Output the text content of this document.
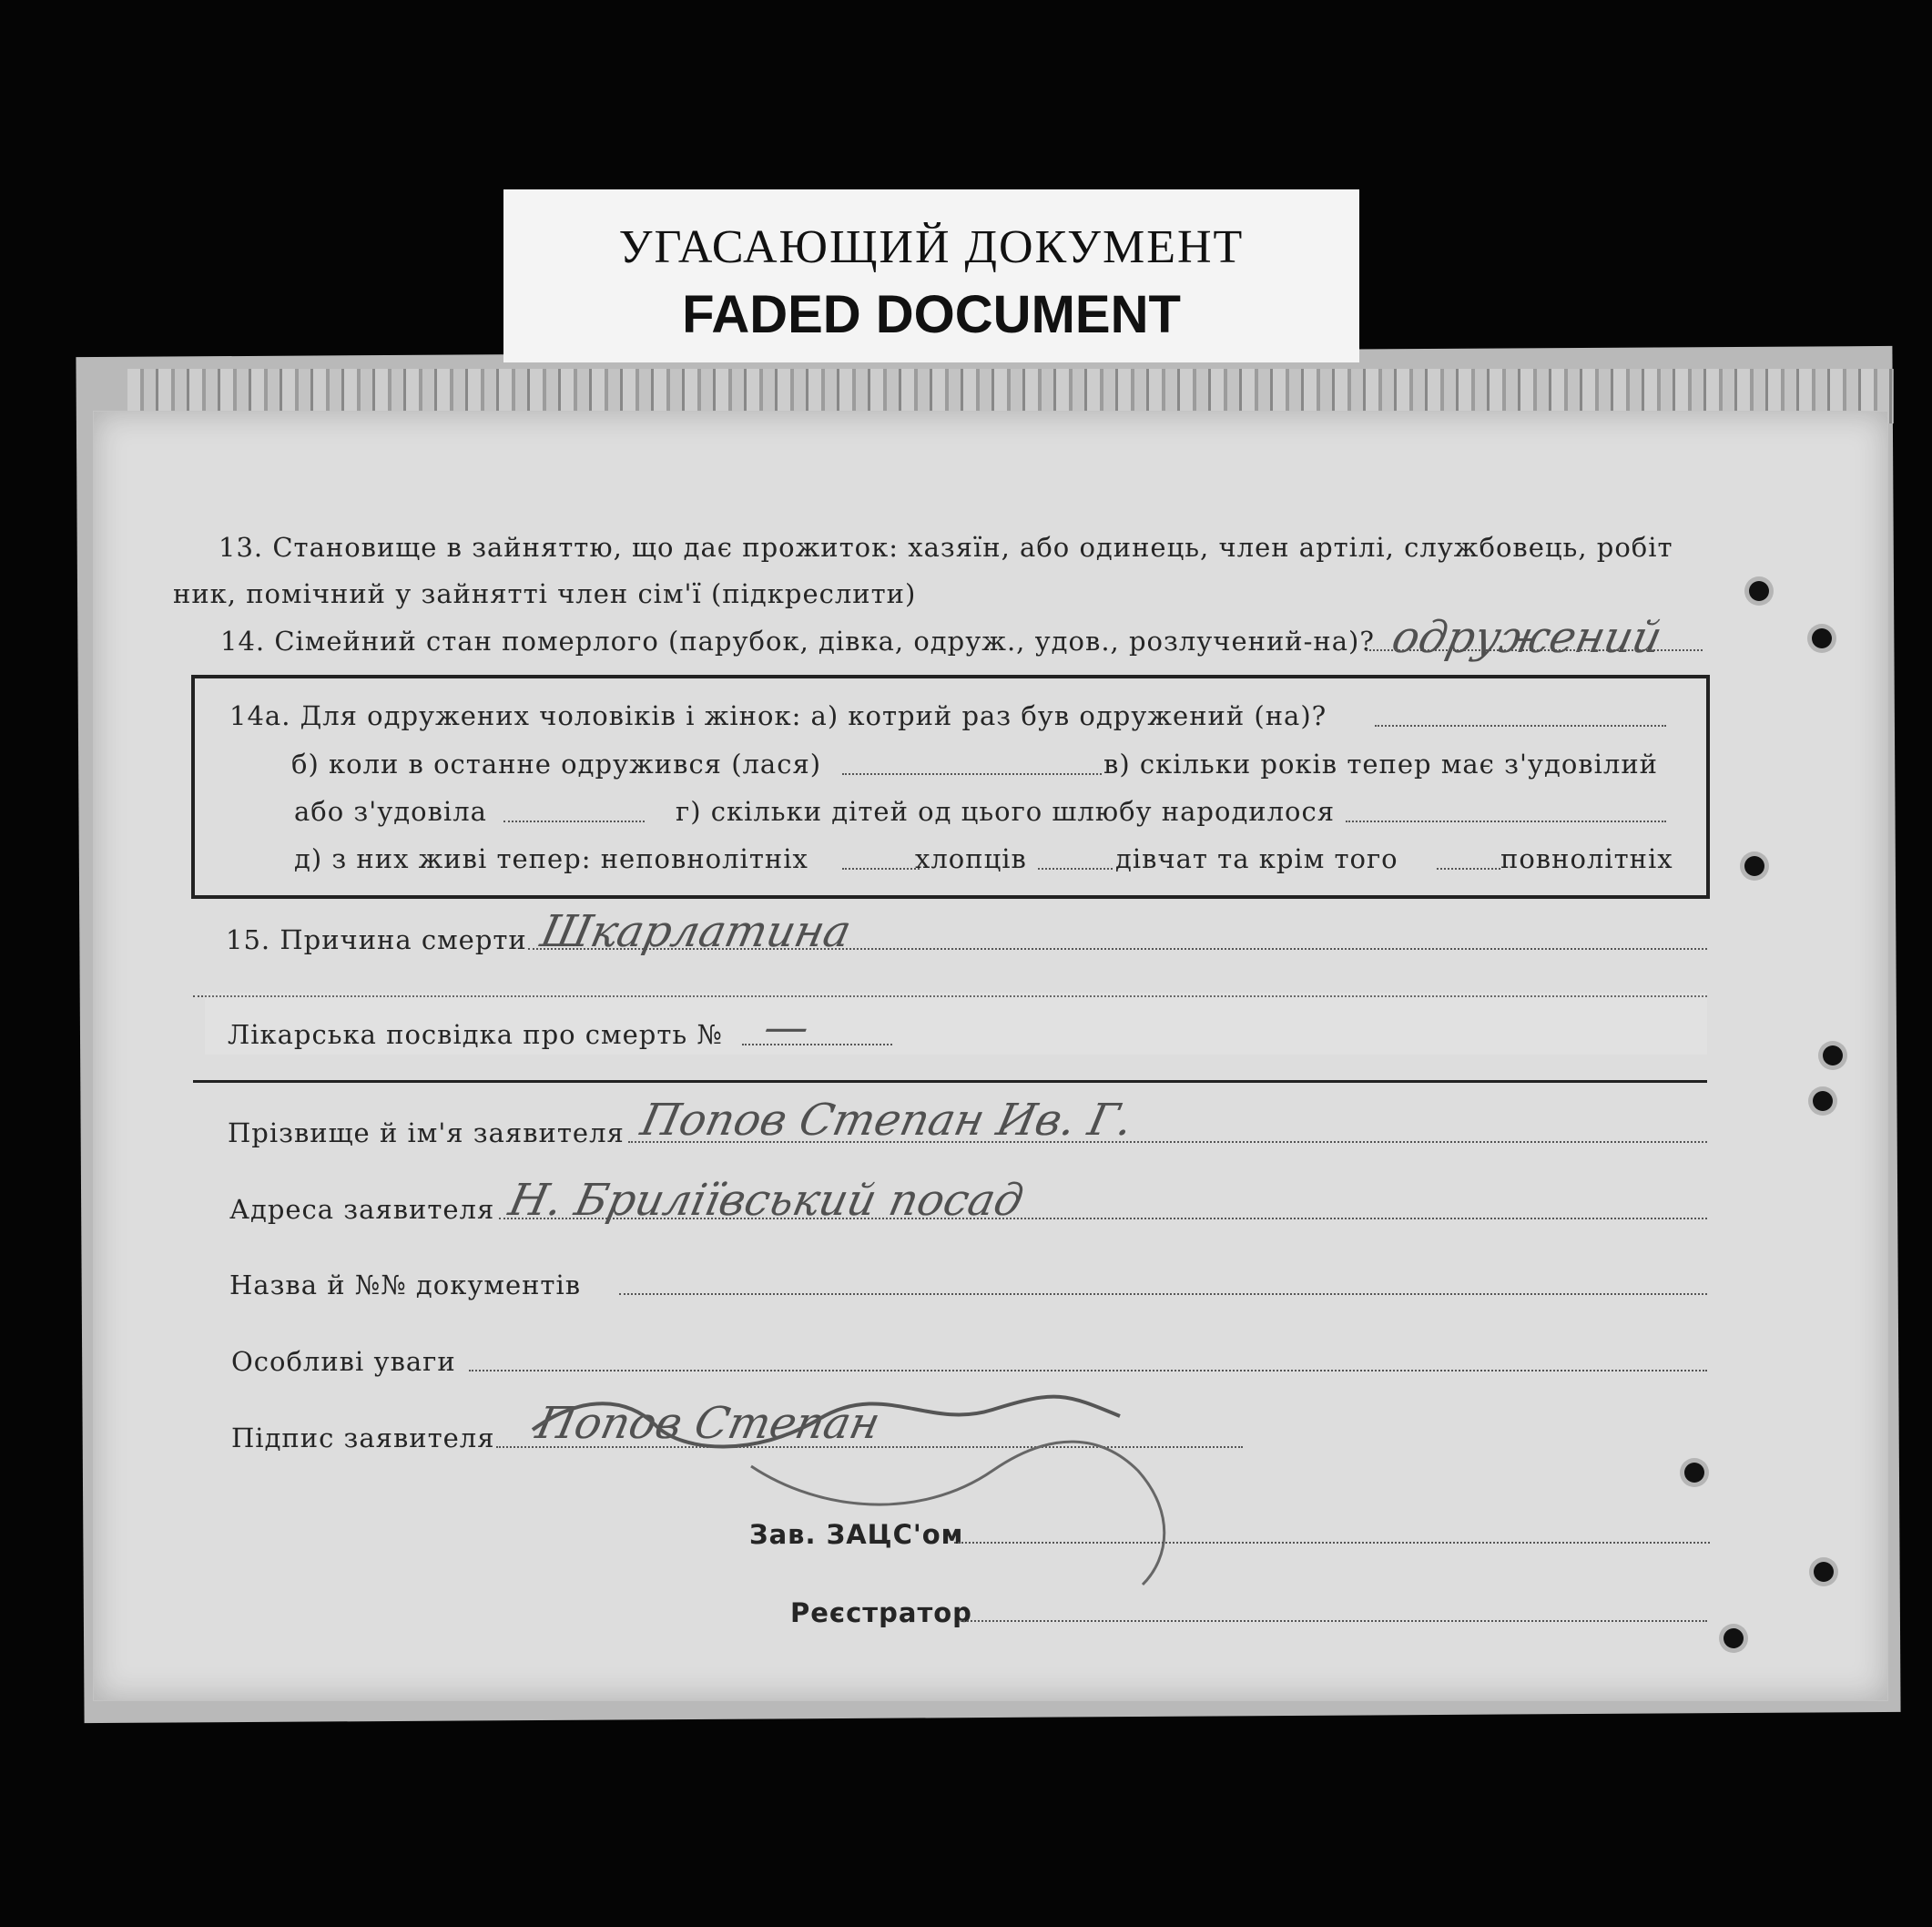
УГАСАЮЩИЙ ДОКУМЕНТ
FADED DOCUMENT
13. Становище в зайняттю, що дає прожиток: хазяїн, або одинець, член артілі, службовець, робіт
ник, помічний у зайнятті член сім'ї (підкреслити)
14. Сімейний стан померлого (парубок, дівка, одруж., удов., розлучений-на)? одружений
14а. Для одружених чоловіків і жінок: а) котрий раз був одружений (на)?
б) коли в останне одружився (лася)	в) скільки років тепер має з'удовілий
або з'удовіла	г) скільки дітей од цього шлюбу народилося
д) з них живі тепер: неповнолітніх	хлопців	дівчат та крім того	повнолітніх
15. Причина смерти Шкарлатина
Лікарська посвідка про смерть № —
Прізвище й ім'я заявителя Попов Степан Ив. Г.
Адреса заявителя Н. Бриліївський посад
Назва й №№ документів
Особливі уваги
Підпис заявителя Попов Степан
Зав. ЗАЦС'ом
Реєстратор
